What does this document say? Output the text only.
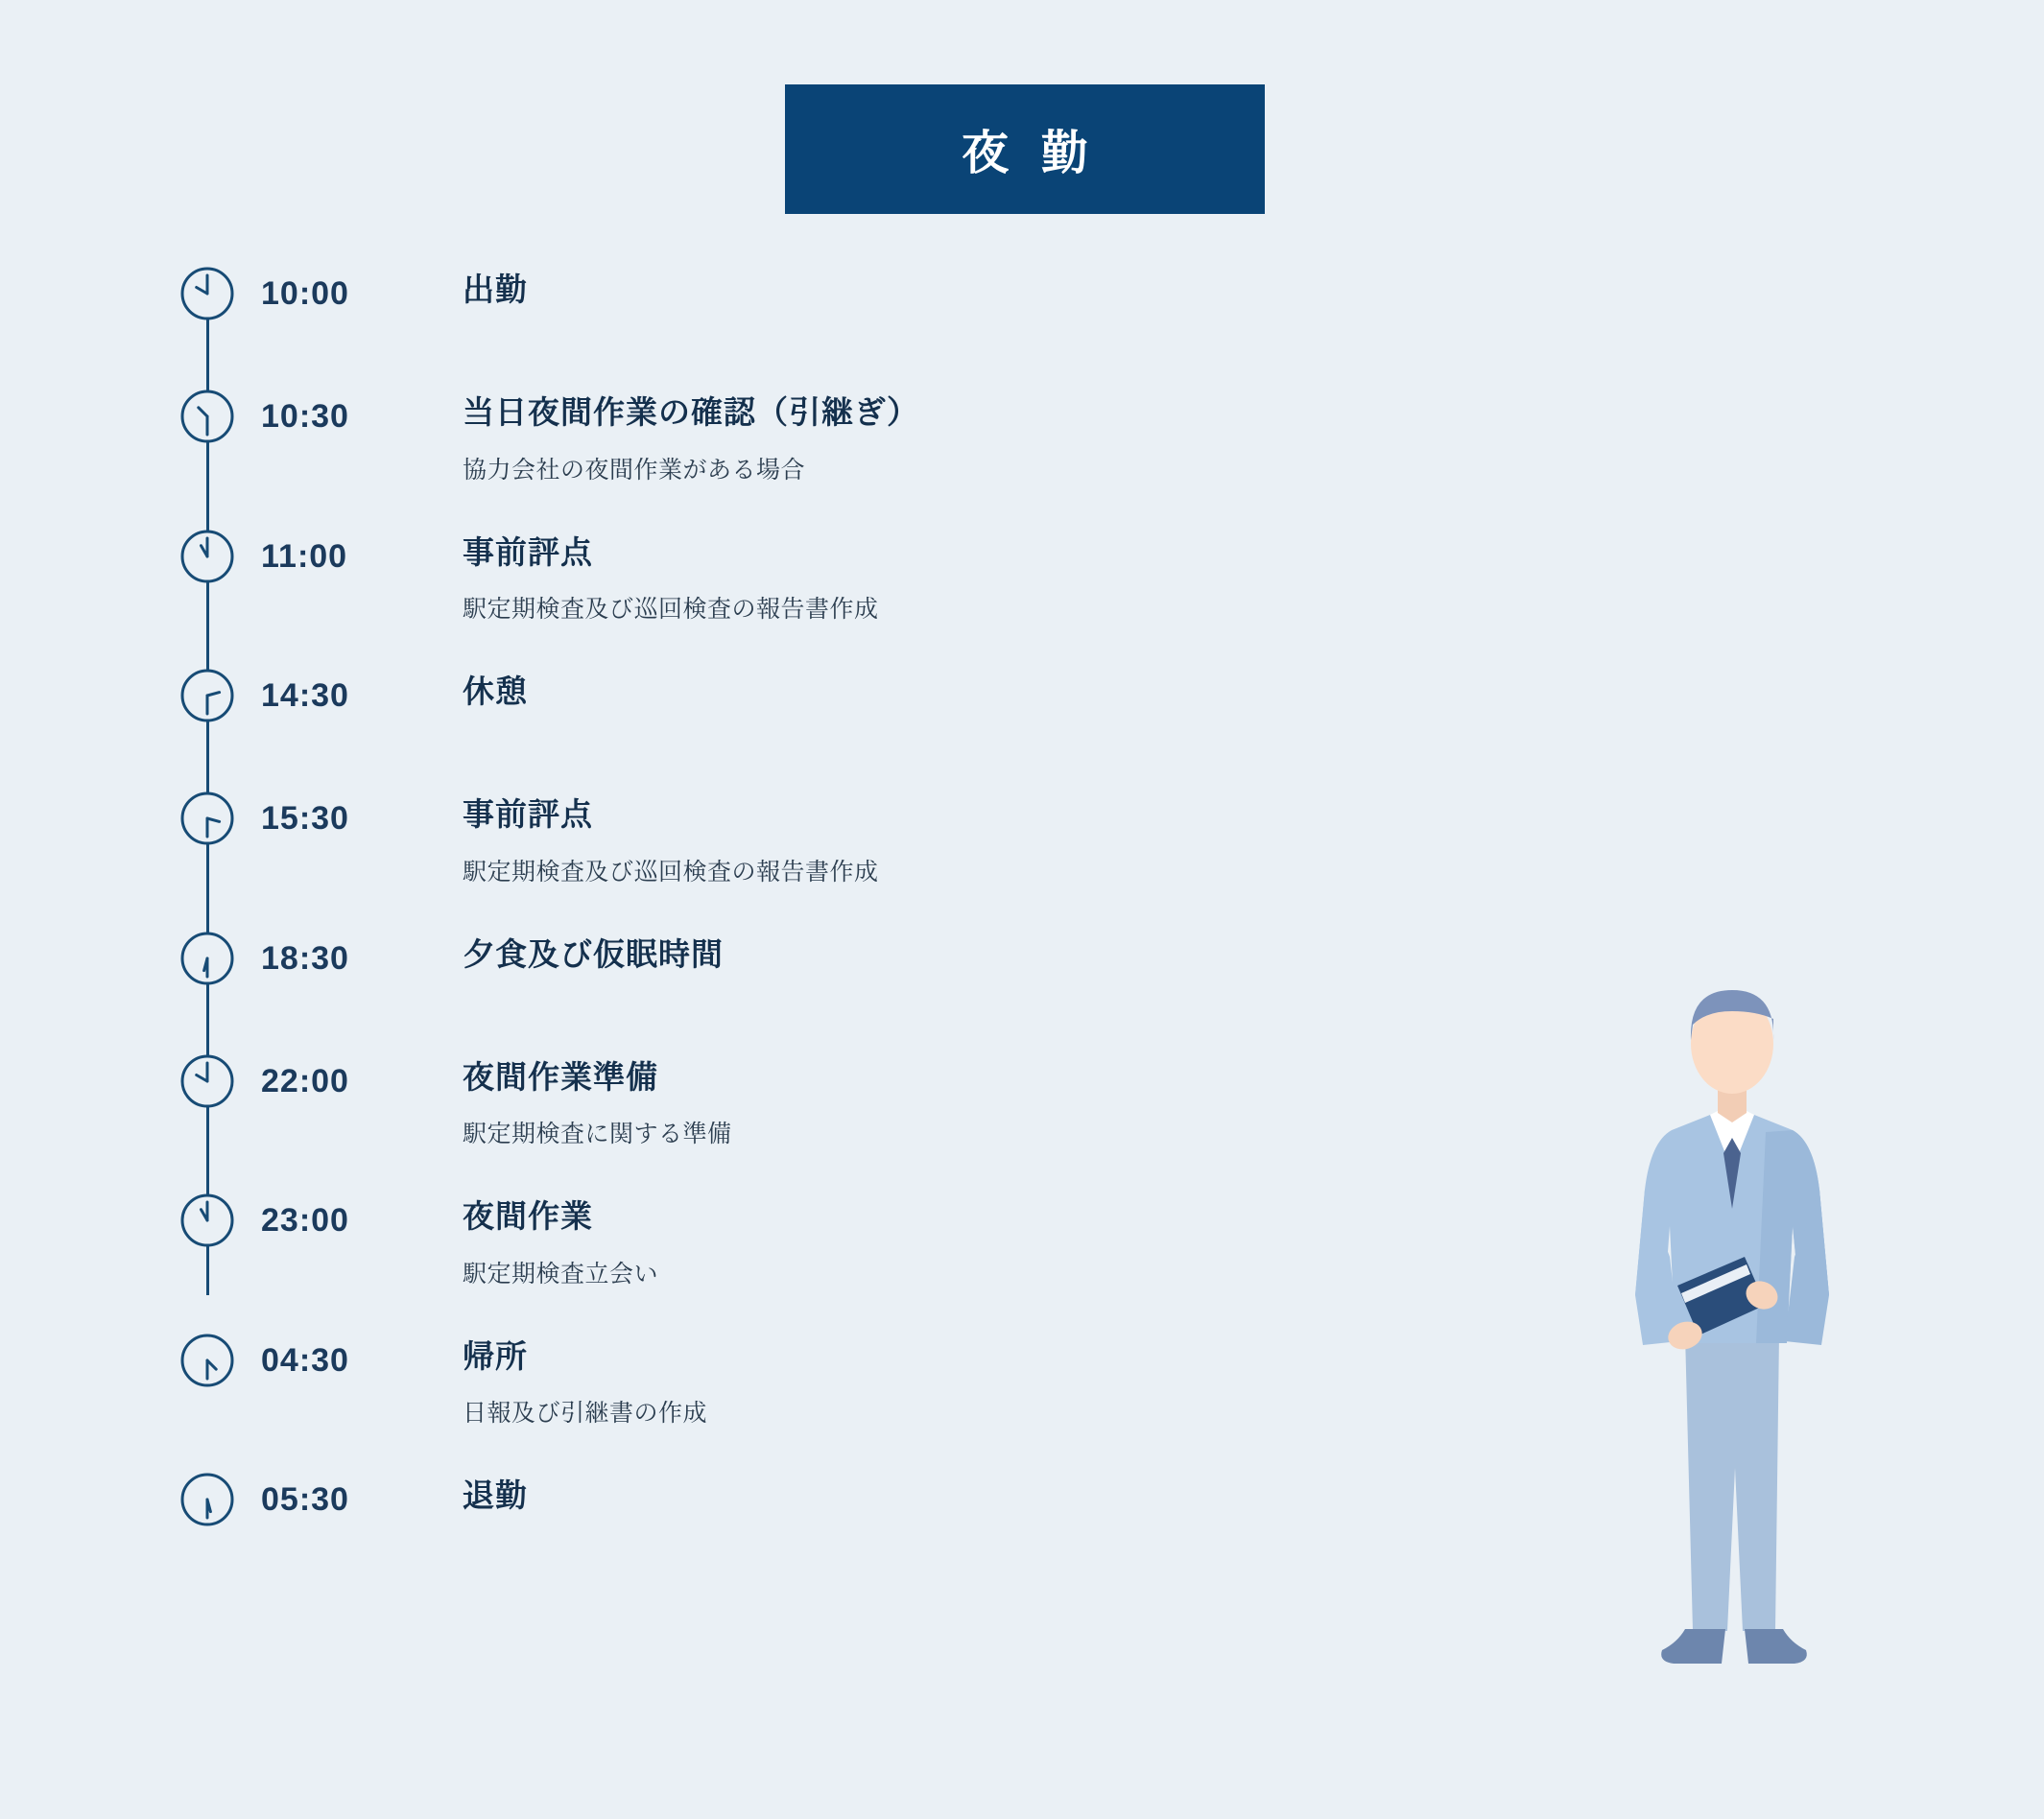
夜 勤
10:00	出勤
10:30	当日夜間作業の確認（引継ぎ）
協力会社の夜間作業がある場合
11:00	事前評点
駅定期検査及び巡回検査の報告書作成
14:30	休憩
15:30	事前評点
駅定期検査及び巡回検査の報告書作成
18:30	夕食及び仮眠時間
22:00	夜間作業準備
駅定期検査に関する準備
23:00	夜間作業
駅定期検査立会い
04:30	帰所
日報及び引継書の作成
05:30	退勤
